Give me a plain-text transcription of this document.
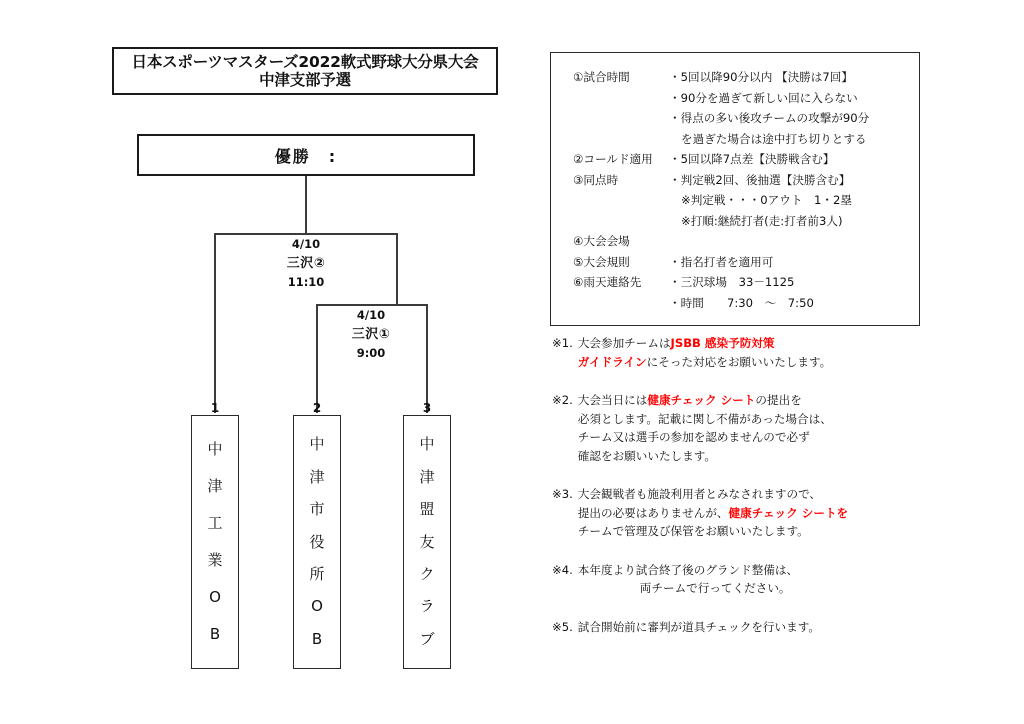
日本スポーツマスターズ2022軟式野球大分県大会
中津支部予選
優勝　:
4/10
三沢②
11:10
4/10
三沢①
9:00
1	2	3
中
津
工
業
O
B
中
津
市
役
所
O
B
中
津
盟
友
ク
ラ
ブ
①試合時間	・5回以降90分以内 【決勝は7回】
・90分を過ぎて新しい回に入らない
・得点の多い後攻チームの攻撃が90分
を過ぎた場合は途中打ち切りとする
②コールド適用	・5回以降7点差【決勝戦含む】
③同点時	・判定戦2回、後抽選【決勝含む】
※判定戦・・・0アウト　1・2塁
※打順:継続打者(走:打者前3人)
④大会会場
⑤大会規則	・指名打者を適用可
⑥雨天連絡先	・三沢球場　33－1125
・時間　　7:30　～　7:50
※1. 大会参加チームはJSBB 感染予防対策
ガイドラインにそった対応をお願いいたします。
※2. 大会当日には健康チェック シートの提出を
必須とします。記載に関し不備があった場合は、
チーム又は選手の参加を認めませんので必ず
確認をお願いいたします。
※3. 大会観戦者も施設利用者とみなされますので、
提出の必要はありませんが、健康チェック シートを
チームで管理及び保管をお願いいたします。
※4. 本年度より試合終了後のグランド整備は、
両チームで行ってください。
※5. 試合開始前に審判が道具チェックを行います。
